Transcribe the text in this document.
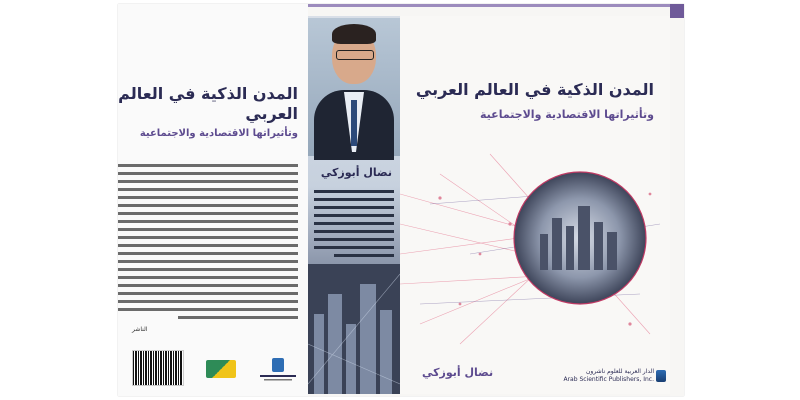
المدن الذكية في العالم العربي
وتأثيراتها الاقتصادية والاجتماعية
الناشر
نضال أبوزكي
المدن الذكية في العالم العربي
وتأثيراتها الاقتصادية والاجتماعية
نضال أبوزكي	الدار العربية للعلوم ناشرون
Arab Scientific Publishers, Inc.
